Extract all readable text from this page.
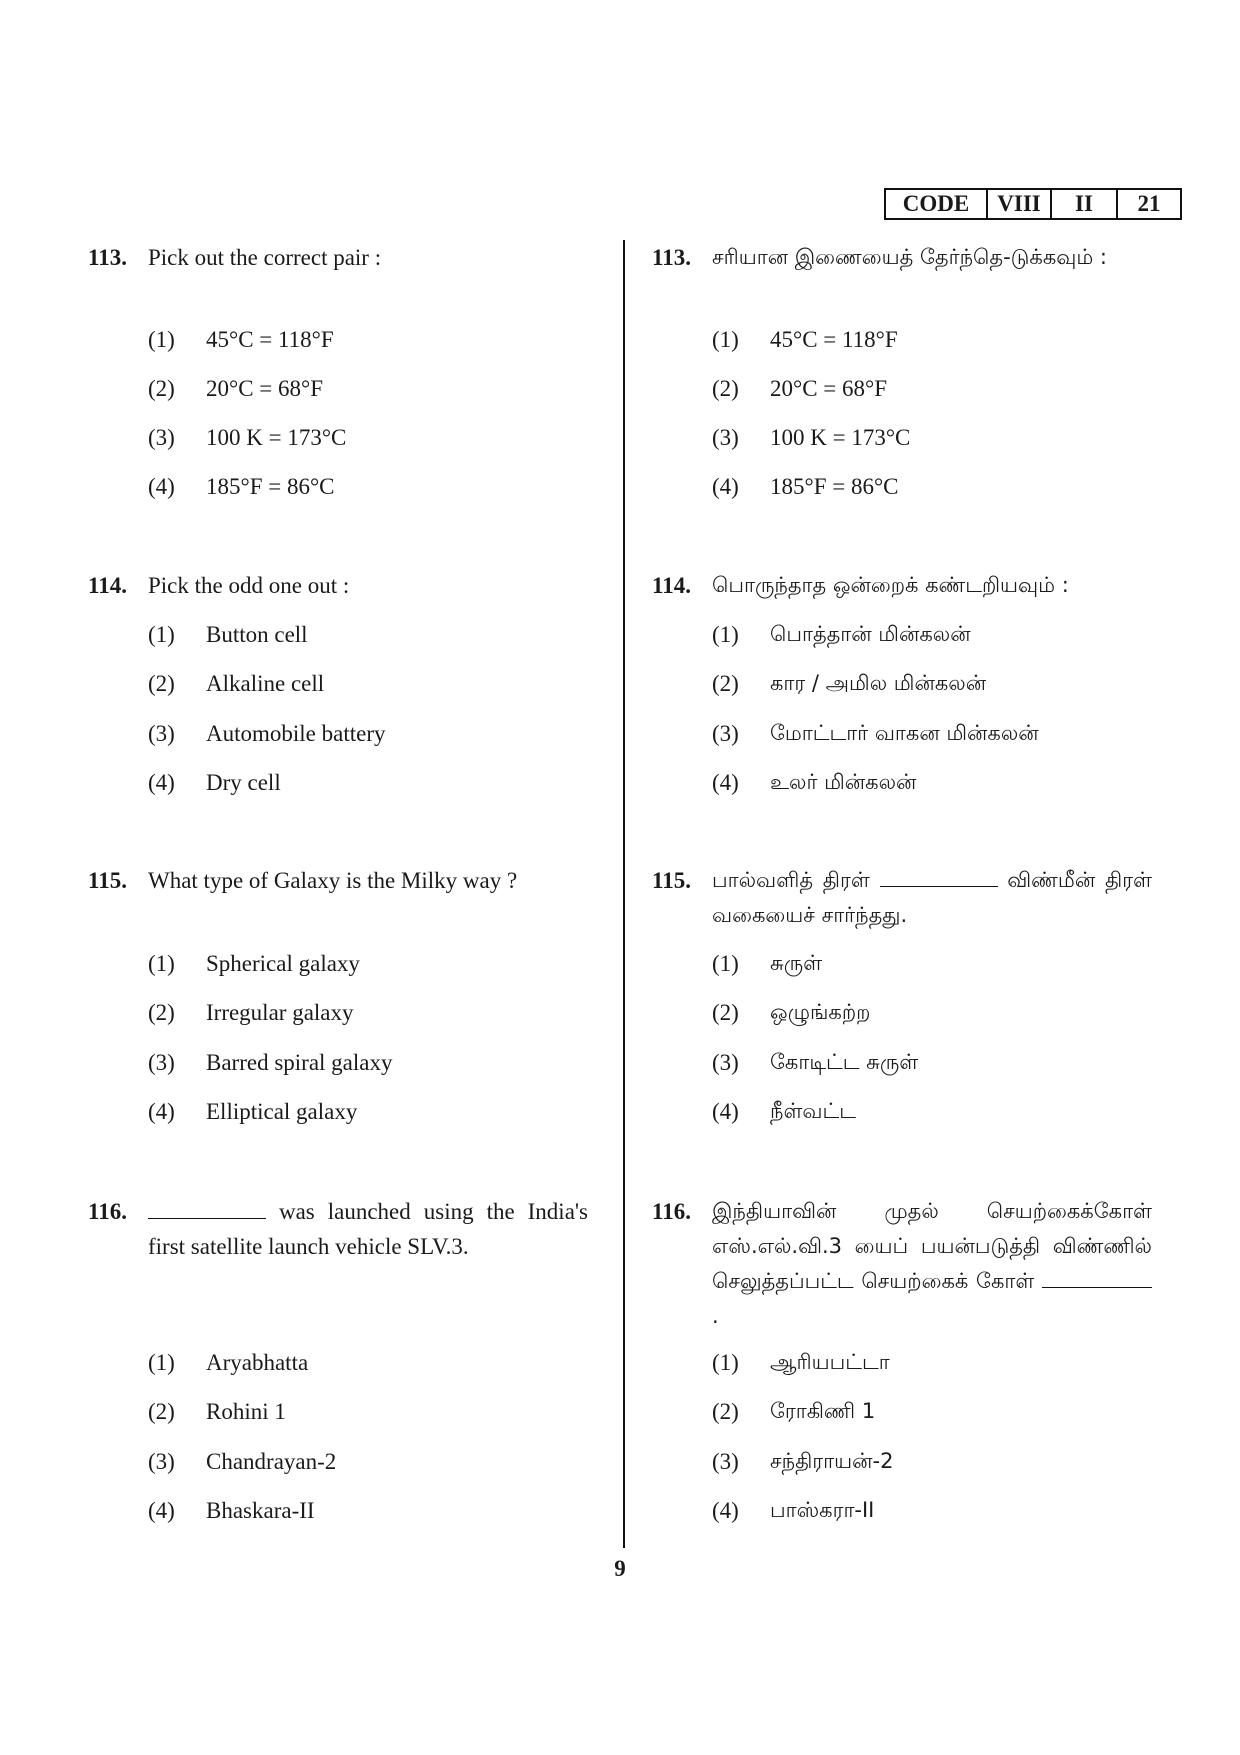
CODE	VIII	II	21
113. Pick out the correct pair :
(1)	45°C = 118°F
(2)	20°C = 68°F
(3)	100 K = 173°C
(4)	185°F = 86°C
114. Pick the odd one out :
(1)	Button cell
(2)	Alkaline cell
(3)	Automobile battery
(4)	Dry cell
115. What type of Galaxy is the Milky way ?
(1)	Spherical galaxy
(2)	Irregular galaxy
(3)	Barred spiral galaxy
(4)	Elliptical galaxy
116.	was launched using the India's first satellite launch vehicle SLV.3.
(1)	Aryabhatta
(2)	Rohini 1
(3)	Chandrayan-2
(4)	Bhaskara-II
113.	சரியான இணையைத் தேர்ந்தெ-டுக்கவும் :
(1)	45°C = 118°F
(2)	20°C = 68°F
(3)	100 K = 173°C
(4)	185°F = 86°C
114.	பொருந்தாத ஒன்றைக் கண்டறியவும் :
(1)	பொத்தான் மின்கலன்
(2)	கார / அமில மின்கலன்
(3)	மோட்டார் வாகன மின்கலன்
(4)	உலர் மின்கலன்
115.	பால்வளித் திரள்	விண்மீன் திரள் வகையைச் சார்ந்தது.
(1)	சுருள்
(2)	ஒழுங்கற்ற
(3)	கோடிட்ட சுருள்
(4)	நீள்வட்ட
116.	இந்தியாவின் முதல் செயற்கைக்கோள் எஸ்.எல்.வி.3 யைப் பயன்படுத்தி விண்ணில் செலுத்தப்பட்ட செயற்கைக் கோள் .
(1)	ஆரியபட்டா
(2)	ரோகிணி 1
(3)	சந்திராயன்-2
(4)	பாஸ்கரா-II
9
